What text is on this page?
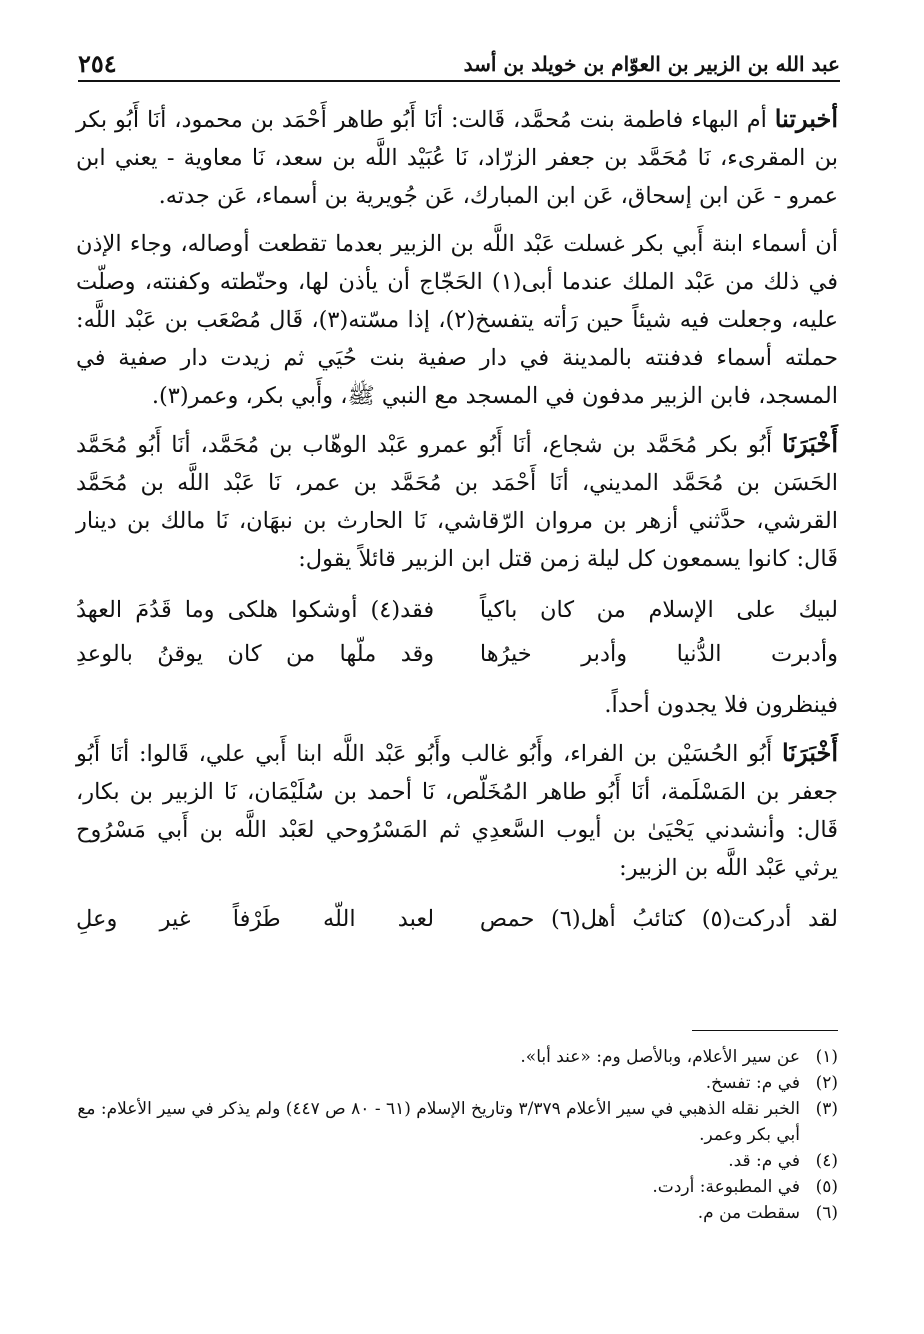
عبد الله بن الزبير بن العوّام بن خويلد بن أسد
٢٥٤

أخبرتنا أم البهاء فاطمة بنت مُحمَّد، قَالت: أنَا أَبُو طاهر أَحْمَد بن محمود، أنَا أَبُو بكر بن المقرىء، نَا مُحَمَّد بن جعفر الزرّاد، نَا عُبَيْد اللَّه بن سعد، نَا معاوية - يعني ابن عمرو - عَن ابن إسحاق، عَن ابن المبارك، عَن جُويرية بن أسماء، عَن جدته.

أن أسماء ابنة أَبي بكر غسلت عَبْد اللَّه بن الزبير بعدما تقطعت أوصاله، وجاء الإذن في ذلك من عَبْد الملك عندما أبى(١) الحَجّاج أن يأذن لها، وحنّطته وكفنته، وصلّت عليه، وجعلت فيه شيئاً حين رَأته يتفسخ(٢)، إذا مسّته(٣)، قَال مُصْعَب بن عَبْد اللَّه: حملته أسماء فدفنته بالمدينة في دار صفية بنت حُيَي ثم زيدت دار صفية في المسجد، فابن الزبير مدفون في المسجد مع النبي ﷺ، وأَبي بكر، وعمر(٣).

أَخْبَرَنَا أَبُو بكر مُحَمَّد بن شجاع، أنَا أَبُو عمرو عَبْد الوهّاب بن مُحَمَّد، أنَا أَبُو مُحَمَّد الحَسَن بن مُحَمَّد المديني، أنَا أَحْمَد بن مُحَمَّد بن عمر، نَا عَبْد اللَّه بن مُحَمَّد القرشي، حدَّثني أزهر بن مروان الرّقاشي، نَا الحارث بن نبهَان، نَا مالك بن دينار قَال: كانوا يسمعون كل ليلة زمن قتل ابن الزبير قائلاً يقول:

لبيك على الإسلام من كان باكياً
فقد(٤) أوشكوا هلكى وما قَدُمَ العهدُ
وأدبرت الدُّنيا وأدبر خيرُها
وقد ملّها من كان يوقنُ بالوعدِ

فينظرون فلا يجدون أحداً.

أَخْبَرَنَا أَبُو الحُسَيْن بن الفراء، وأَبُو غالب وأَبُو عَبْد اللَّه ابنا أَبي علي، قَالوا: أنَا أَبُو جعفر بن المَسْلَمة، أنَا أَبُو طاهر المُخَلّص، نَا أحمد بن سُلَيْمَان، نَا الزبير بن بكار، قَال: وأنشدني يَحْيَىٰ بن أيوب السَّعدِي ثم المَسْرُوحي لعَبْد اللَّه بن أَبي مَسْرُوح يرثي عَبْد اللَّه بن الزبير:

لقد أدركت(٥) كتائبُ أهل(٦) حمص
لعبد اللّه طَرْفاً غير وعلِ
(١)
عن سير الأعلام، وبالأصل وم: «عند أبا».
(٢)
في م: تفسخ.
(٣)
الخبر نقله الذهبي في سير الأعلام ٣/٣٧٩ وتاريخ الإسلام (٦١ - ٨٠ ص ٤٤٧) ولم يذكر في سير الأعلام: مع أبي بكر وعمر.
(٤)
في م: قد.
(٥)
في المطبوعة: أردت.
(٦)
سقطت من م.
